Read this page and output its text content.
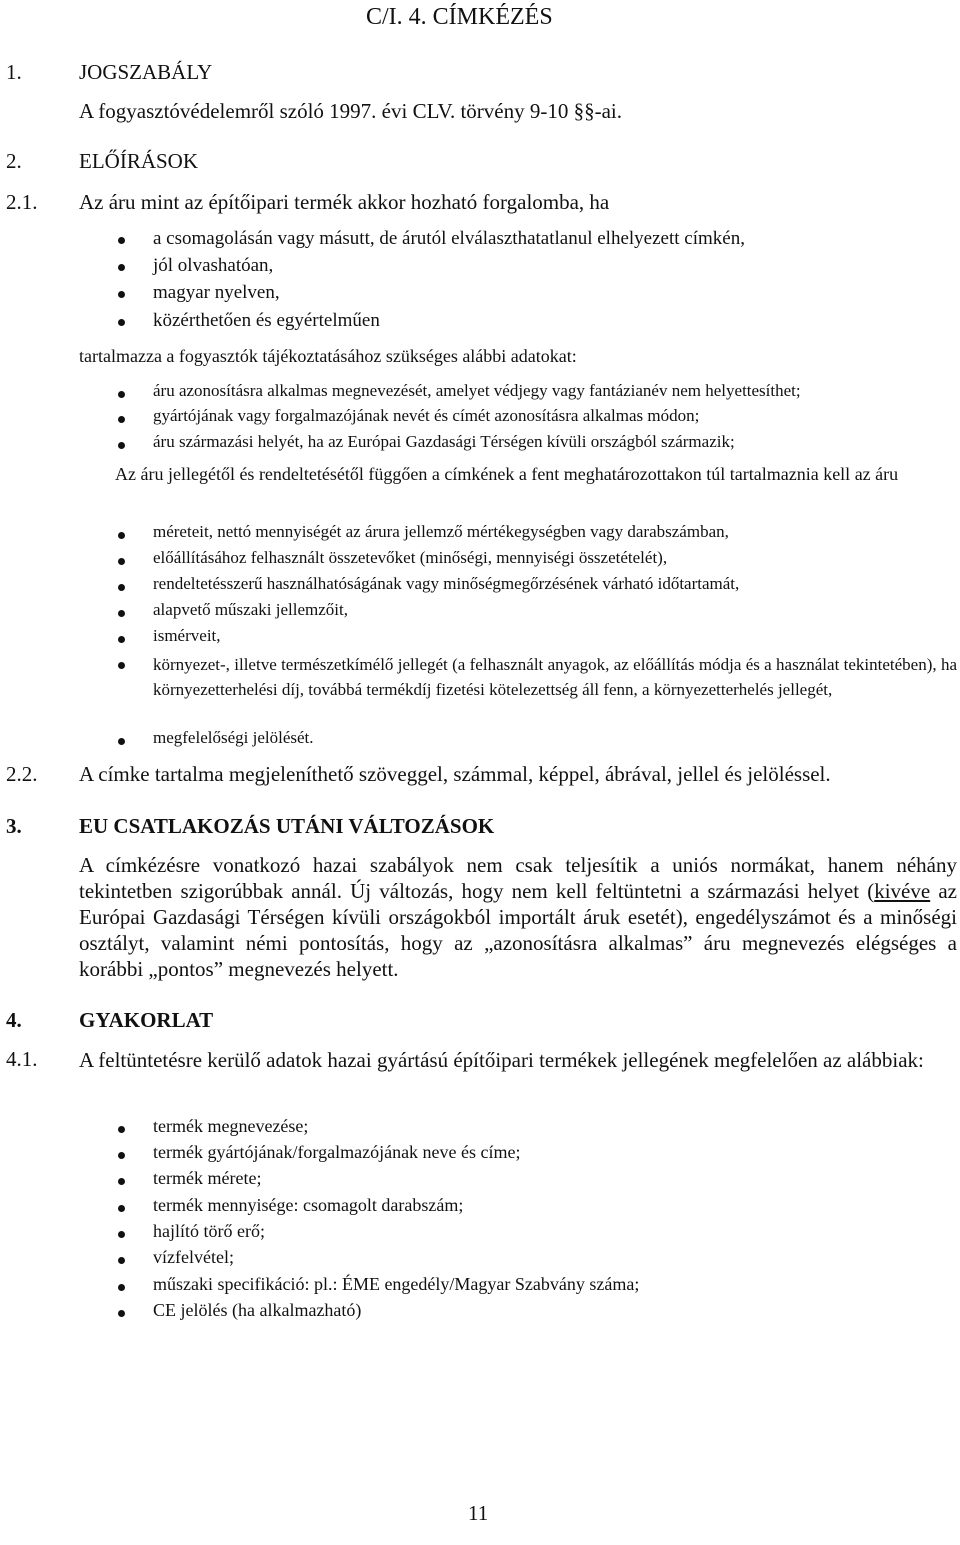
C/I. 4. CÍMKÉZÉS
1.	JOGSZABÁLY
A fogyasztóvédelemről szóló 1997. évi CLV. törvény 9-10 §§-ai.
2.	ELŐÍRÁSOK
2.1. Az áru mint az építőipari termék akkor hozható forgalomba, ha
a csomagolásán vagy másutt, de árutól elválaszthatatlanul elhelyezett címkén,
jól olvashatóan,
magyar nyelven,
közérthetően és egyértelműen
tartalmazza a fogyasztók tájékoztatásához szükséges alábbi adatokat:
áru azonosításra alkalmas megnevezését, amelyet védjegy vagy fantázianév nem helyettesíthet;
gyártójának vagy forgalmazójának nevét és címét azonosításra alkalmas módon;
áru származási helyét, ha az Európai Gazdasági Térségen kívüli országból származik;
Az áru jellegétől és rendeltetésétől függően a címkének a fent meghatározottakon túl tartalmaznia kell az áru
méreteit, nettó mennyiségét az árura jellemző mértékegységben vagy darabszámban,
előállításához felhasznált összetevőket (minőségi, mennyiségi összetételét),
rendeltetésszerű használhatóságának vagy minőségmegőrzésének várható időtartamát,
alapvető műszaki jellemzőit,
ismérveit,
környezet-, illetve természetkímélő jellegét (a felhasznált anyagok, az előállítás módja és a használat tekintetében), ha környezetterhelési díj, továbbá termékdíj fizetési kötelezettség áll fenn, a környezetterhelés jellegét,
megfelelőségi jelölését.
2.2. A címke tartalma megjeleníthető szöveggel, számmal, képpel, ábrával, jellel és jelöléssel.
3.	EU CSATLAKOZÁS UTÁNI VÁLTOZÁSOK
A címkézésre vonatkozó hazai szabályok nem csak teljesítik a uniós normákat, hanem néhány tekintetben szigorúbbak annál. Új változás, hogy nem kell feltüntetni a származási helyet (kivéve az Európai Gazdasági Térségen kívüli országokból importált áruk esetét), engedélyszámot és a minőségi osztályt, valamint némi pontosítás, hogy az „azonosításra alkalmas” áru megnevezés elégséges a korábbi „pontos” megnevezés helyett.
4.	GYAKORLAT
4.1. A feltüntetésre kerülő adatok hazai gyártású építőipari termékek jellegének megfelelően az alábbiak:
termék megnevezése;
termék gyártójának/forgalmazójának neve és címe;
termék mérete;
termék mennyisége: csomagolt darabszám;
hajlító törő erő;
vízfelvétel;
műszaki specifikáció: pl.: ÉME engedély/Magyar Szabvány száma;
CE jelölés (ha alkalmazható)
11
